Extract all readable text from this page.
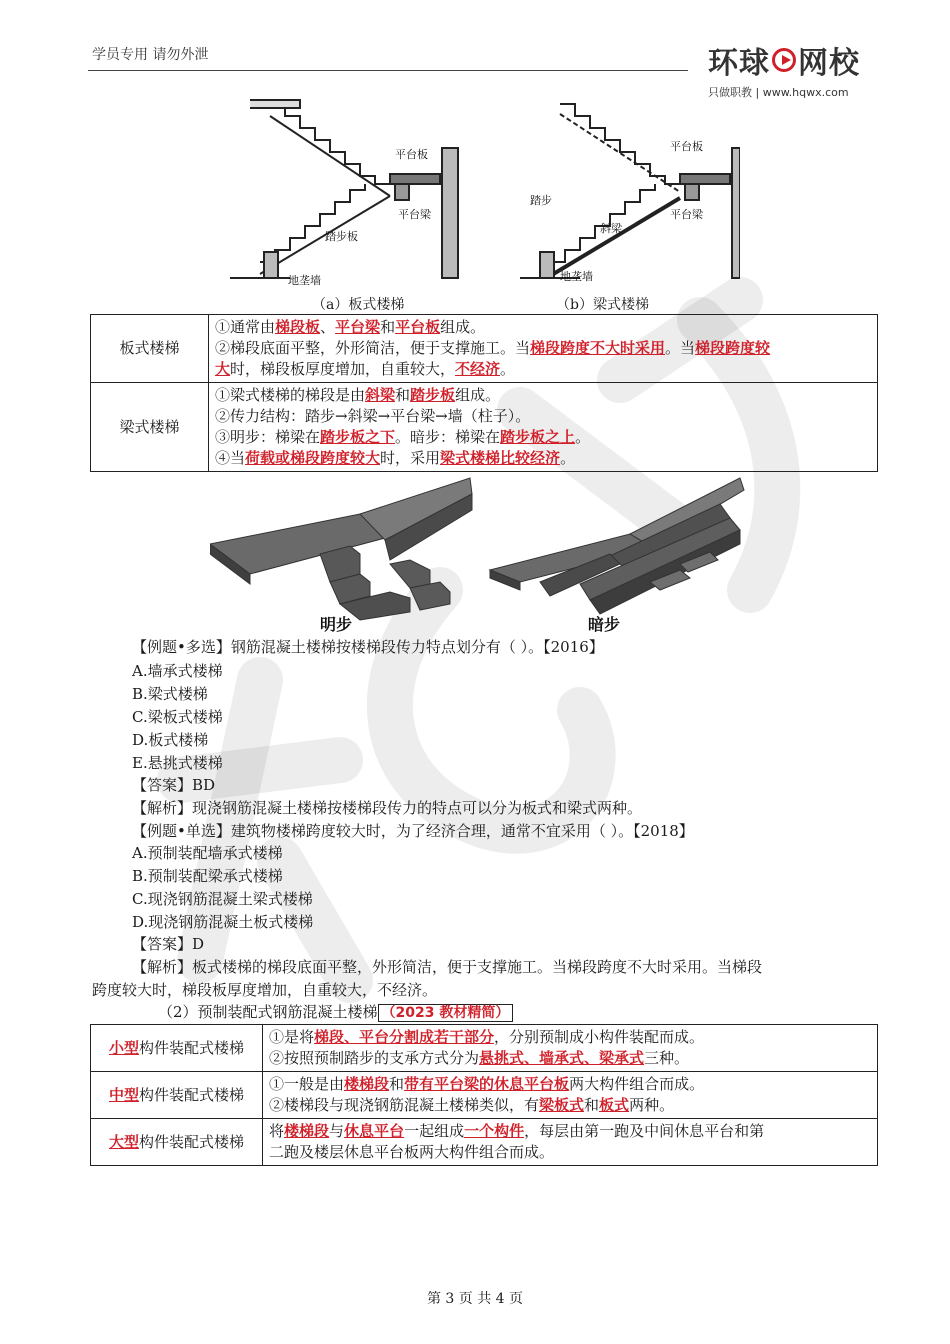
学员专用 请勿外泄	环球 网校
只做职教 | www.hqwx.com
平台板
平台梁
踏步板
地垄墙
平台板
平台梁
踏步
斜梁
地垄墙
（a）板式楼梯	（b）梁式楼梯
板式楼梯	①通常由梯段板、平台梁和平台板组成。
②梯段底面平整，外形简洁，便于支撑施工。当梯段跨度不大时采用。当梯段跨度较
大时，梯段板厚度增加，自重较大，不经济。

梁式楼梯	①梁式楼梯的梯段是由斜梁和踏步板组成。
②传力结构：踏步→斜梁→平台梁→墙（柱子）。
③明步：梯梁在踏步板之下。暗步：梯梁在踏步板之上。
④当荷载或梯段跨度较大时，采用梁式楼梯比较经济。
明步	暗步
【例题•多选】钢筋混凝土楼梯按楼梯段传力特点划分有（ ）。【2016】
A.墙承式楼梯
B.梁式楼梯
C.梁板式楼梯
D.板式楼梯
E.悬挑式楼梯
【答案】BD
【解析】现浇钢筋混凝土楼梯按楼梯段传力的特点可以分为板式和梁式两种。
【例题•单选】建筑物楼梯跨度较大时，为了经济合理，通常不宜采用（ ）。【2018】
A.预制装配墙承式楼梯
B.预制装配梁承式楼梯
C.现浇钢筋混凝土梁式楼梯
D.现浇钢筋混凝土板式楼梯
【答案】D
【解析】板式楼梯的梯段底面平整，外形简洁，便于支撑施工。当梯段跨度不大时采用。当梯段
跨度较大时，梯段板厚度增加，自重较大，不经济。
（2）预制装配式钢筋混凝土楼梯 （2023 教材精简）
小型构件装配式楼梯	①是将梯段、平台分割成若干部分，分别预制成小构件装配而成。
②按照预制踏步的支承方式分为悬挑式、墙承式、梁承式三种。

中型构件装配式楼梯	①一般是由楼梯段和带有平台梁的休息平台板两大构件组合而成。
②楼梯段与现浇钢筋混凝土楼梯类似，有梁板式和板式两种。

大型构件装配式楼梯	将楼梯段与休息平台一起组成一个构件，每层由第一跑及中间休息平台和第
二跑及楼层休息平台板两大构件组合而成。
第 3 页 共 4 页
